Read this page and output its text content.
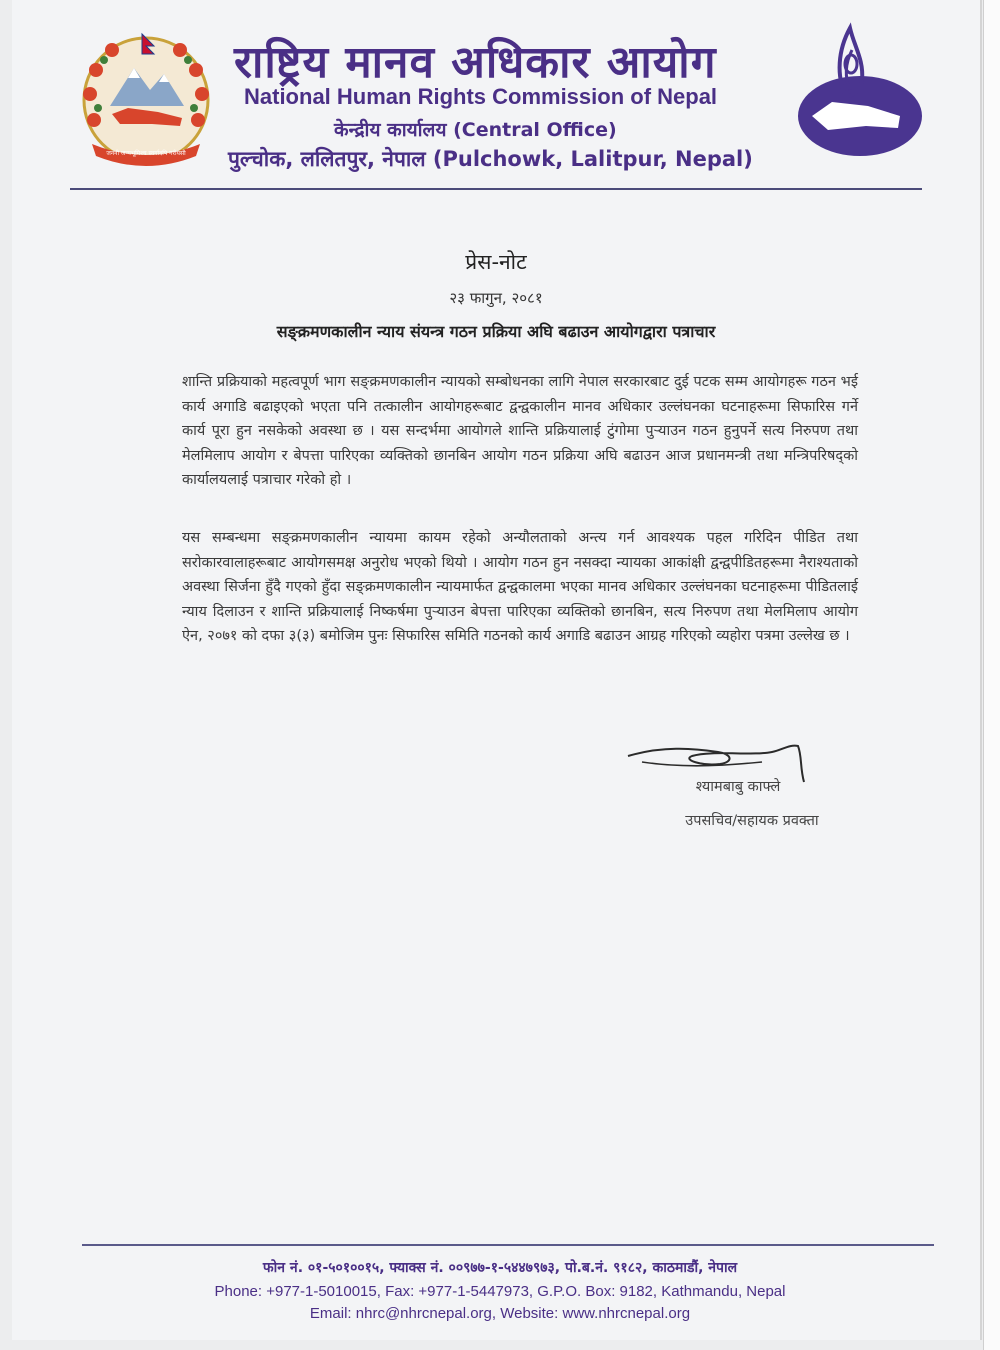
जननी जन्मभूमिश्च स्वर्गादपि गरीयसी
राष्ट्रिय मानव अधिकार आयोग
National Human Rights Commission of Nepal
केन्द्रीय कार्यालय (Central Office)
पुल्चोक, ललितपुर, नेपाल (Pulchowk, Lalitpur, Nepal)
प्रेस-नोट
२३ फागुन, २०८१
सङ्क्रमणकालीन न्याय संयन्त्र गठन प्रक्रिया अघि बढाउन आयोगद्वारा पत्राचार

शान्ति प्रक्रियाको महत्वपूर्ण भाग सङ्क्रमणकालीन न्यायको सम्बोधनका लागि नेपाल सरकारबाट दुई पटक सम्म आयोगहरू गठन भई कार्य अगाडि बढाइएको भएता पनि तत्कालीन आयोगहरूबाट द्वन्द्वकालीन मानव अधिकार उल्लंघनका घटनाहरूमा सिफारिस गर्ने कार्य पूरा हुन नसकेको अवस्था छ । यस सन्दर्भमा आयोगले शान्ति प्रक्रियालाई टुंगोमा पुऱ्याउन गठन हुनुपर्ने सत्य निरुपण तथा मेलमिलाप आयोग र बेपत्ता पारिएका व्यक्तिको छानबिन आयोग गठन प्रक्रिया अघि बढाउन आज प्रधानमन्त्री तथा मन्त्रिपरिषद्को कार्यालयलाई पत्राचार गरेको हो ।

यस सम्बन्धमा सङ्क्रमणकालीन न्यायमा कायम रहेको अन्यौलताको अन्त्य गर्न आवश्यक पहल गरिदिन पीडित तथा सरोकारवालाहरूबाट आयोगसमक्ष अनुरोध भएको थियो । आयोग गठन हुन नसक्दा न्यायका आकांक्षी द्वन्द्वपीडितहरूमा नैराश्यताको अवस्था सिर्जना हुँदै गएको हुँदा सङ्क्रमणकालीन न्यायमार्फत द्वन्द्वकालमा भएका मानव अधिकार उल्लंघनका घटनाहरूमा पीडितलाई न्याय दिलाउन र शान्ति प्रक्रियालाई निष्कर्षमा पुऱ्याउन बेपत्ता पारिएका व्यक्तिको छानबिन, सत्य निरुपण तथा मेलमिलाप आयोग ऐन, २०७१ को दफा ३(३) बमोजिम पुनः सिफारिस समिति गठनको कार्य अगाडि बढाउन आग्रह गरिएको व्यहोरा पत्रमा उल्लेख छ ।

श्यामबाबु काफ्ले
उपसचिव/सहायक प्रवक्ता
फोन नं. ०१-५०१००१५, फ्याक्स नं. ००९७७-१-५४४७९७३, पो.ब.नं. ९१८२, काठमाडौं, नेपाल
Phone: +977-1-5010015, Fax: +977-1-5447973, G.P.O. Box: 9182, Kathmandu, Nepal
Email: nhrc@nhrcnepal.org, Website: www.nhrcnepal.org
